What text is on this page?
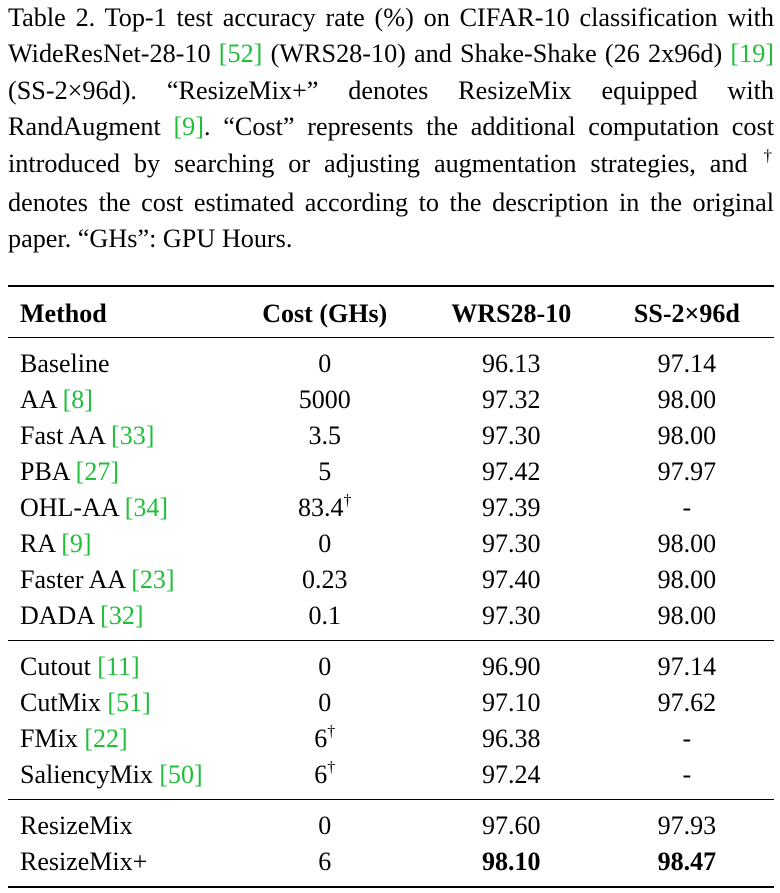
Table 2. Top-1 test accuracy rate (%) on CIFAR-10 classification with WideResNet-28-10 [52] (WRS28-10) and Shake-Shake (26 2x96d) [19] (SS-2×96d). “ResizeMix+” denotes ResizeMix equipped with RandAugment [9]. “Cost” represents the additional computation cost introduced by searching or adjusting augmentation strategies, and † denotes the cost estimated according to the description in the original paper. “GHs”: GPU Hours.

Method	Cost (GHs)	WRS28-10	SS-2×96d
Baseline	0	96.13	97.14
AA [8]	5000	97.32	98.00
Fast AA [33]	3.5	97.30	98.00
PBA [27]	5	97.42	97.97
OHL-AA [34]	83.4†	97.39	-
RA [9]	0	97.30	98.00
Faster AA [23]	0.23	97.40	98.00
DADA [32]	0.1	97.30	98.00
Cutout [11]	0	96.90	97.14
CutMix [51]	0	97.10	97.62
FMix [22]	6†	96.38	-
SaliencyMix [50]	6†	97.24	-
ResizeMix	0	97.60	97.93
ResizeMix+	6	98.10	98.47
